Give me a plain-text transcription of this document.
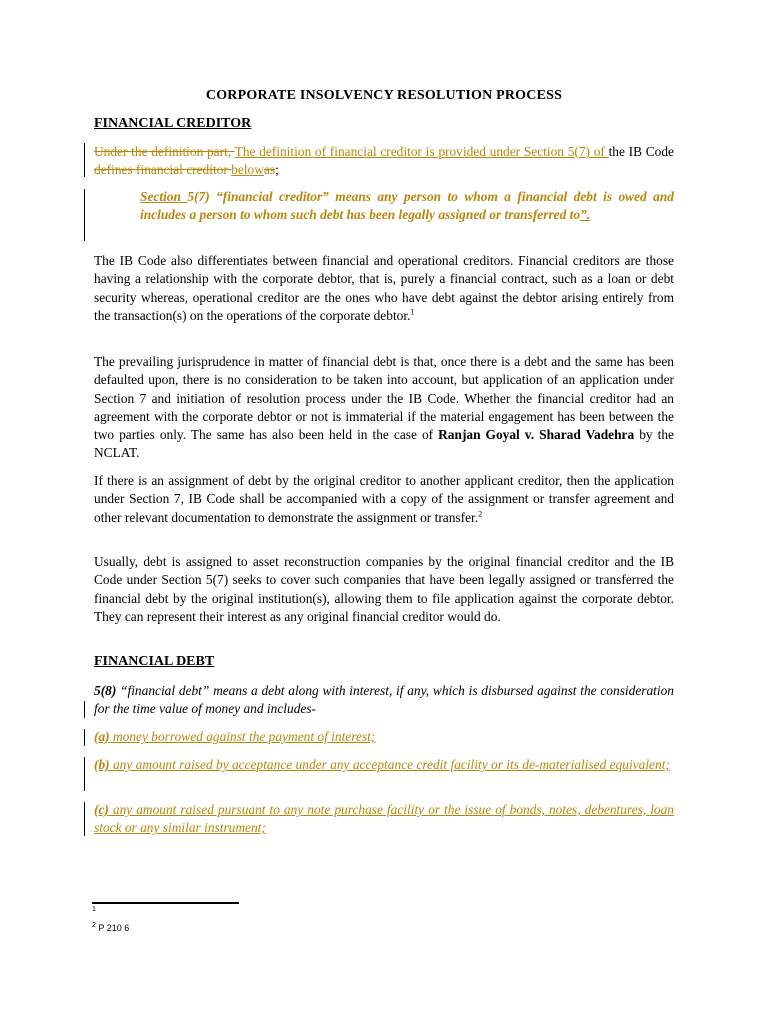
CORPORATE INSOLVENCY RESOLUTION PROCESS
FINANCIAL CREDITOR
Under the definition part, The definition of financial creditor is provided under Section 5(7) of the IB Code defines financial creditor belowas;
Section 5(7) “financial creditor” means any person to whom a financial debt is owed and includes a person to whom such debt has been legally assigned or transferred to”.
The IB Code also differentiates between financial and operational creditors. Financial creditors are those having a relationship with the corporate debtor, that is, purely a financial contract, such as a loan or debt security whereas, operational creditor are the ones who have debt against the debtor arising entirely from the transaction(s) on the operations of the corporate debtor.$^1$
The prevailing jurisprudence in matter of financial debt is that, once there is a debt and the same has been defaulted upon, there is no consideration to be taken into account, but application of an application under Section 7 and initiation of resolution process under the IB Code. Whether the financial creditor had an agreement with the corporate debtor or not is immaterial if the material engagement has been between the two parties only. The same has also been held in the case of Ranjan Goyal v. Sharad Vadehra by the NCLAT.
If there is an assignment of debt by the original creditor to another applicant creditor, then the application under Section 7, IB Code shall be accompanied with a copy of the assignment or transfer agreement and other relevant documentation to demonstrate the assignment or transfer.$^2$
Usually, debt is assigned to asset reconstruction companies by the original financial creditor and the IB Code under Section 5(7) seeks to cover such companies that have been legally assigned or transferred the financial debt by the original institution(s), allowing them to file application against the corporate debtor. They can represent their interest as any original financial creditor would do.
FINANCIAL DEBT
5(8) “financial debt” means a debt along with interest, if any, which is disbursed against the consideration for the time value of money and includes-
(a) money borrowed against the payment of interest;
(b) any amount raised by acceptance under any acceptance credit facility or its de-materialised equivalent;
(c) any amount raised pursuant to any note purchase facility or the issue of bonds, notes, debentures, loan stock or any similar instrument;
$^1$
$^2$ P 210 6
